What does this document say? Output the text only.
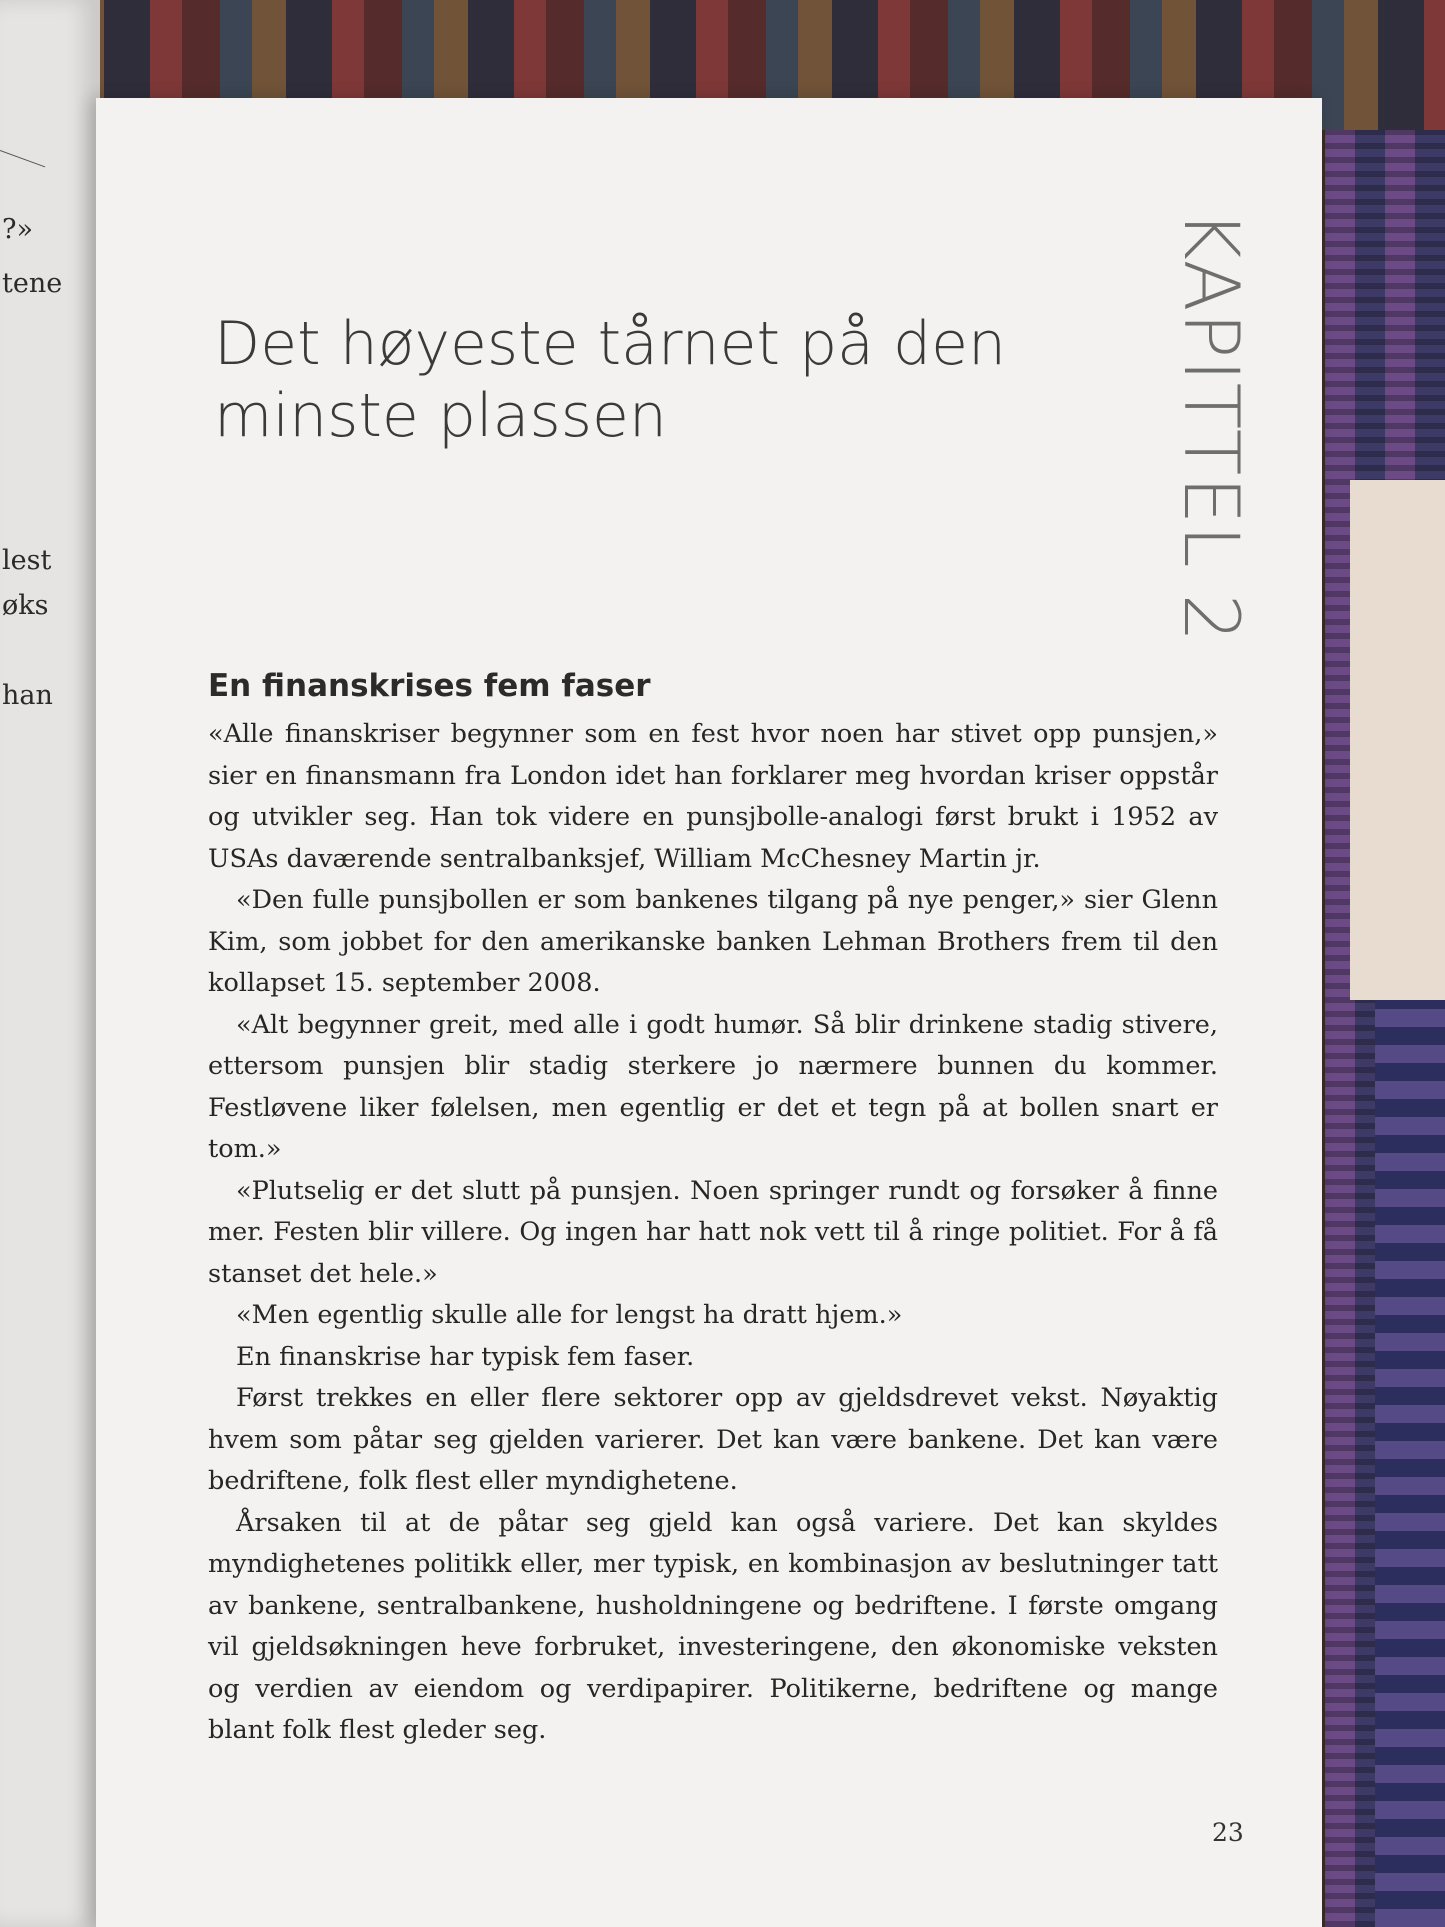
?»
tene
lest
øks
han
KAPITTEL 2
Det høyeste tårnet på den
minste plassen
En finanskrises fem faser

«Alle finanskriser begynner som en fest hvor noen har stivet opp punsjen,» sier en finansmann fra London idet han forklarer meg hvordan kriser oppstår og utvikler seg. Han tok videre en punsjbolle-analogi først brukt i 1952 av USAs daværende sentralbanksjef, William McChesney Martin jr.

«Den fulle punsjbollen er som bankenes tilgang på nye penger,» sier Glenn Kim, som jobbet for den amerikanske banken Lehman Brothers frem til den kollapset 15. september 2008.

«Alt begynner greit, med alle i godt humør. Så blir drinkene stadig stivere, ettersom punsjen blir stadig sterkere jo nærmere bunnen du kommer. Festløvene liker følelsen, men egentlig er det et tegn på at bollen snart er tom.»

«Plutselig er det slutt på punsjen. Noen springer rundt og forsøker å finne mer. Festen blir villere. Og ingen har hatt nok vett til å ringe politiet. For å få stanset det hele.»

«Men egentlig skulle alle for lengst ha dratt hjem.»

En finanskrise har typisk fem faser.

Først trekkes en eller flere sektorer opp av gjeldsdrevet vekst. Nøyaktig hvem som påtar seg gjelden varierer. Det kan være bankene. Det kan være bedriftene, folk flest eller myndighetene.

Årsaken til at de påtar seg gjeld kan også variere. Det kan skyldes myndighetenes politikk eller, mer typisk, en kombinasjon av beslutninger tatt av bankene, sentralbankene, husholdningene og bedriftene. I første omgang vil gjeldsøkningen heve forbruket, investeringene, den økonomiske veksten og verdien av eiendom og verdipapirer. Politikerne, bedriftene og mange blant folk flest gleder seg.

23
